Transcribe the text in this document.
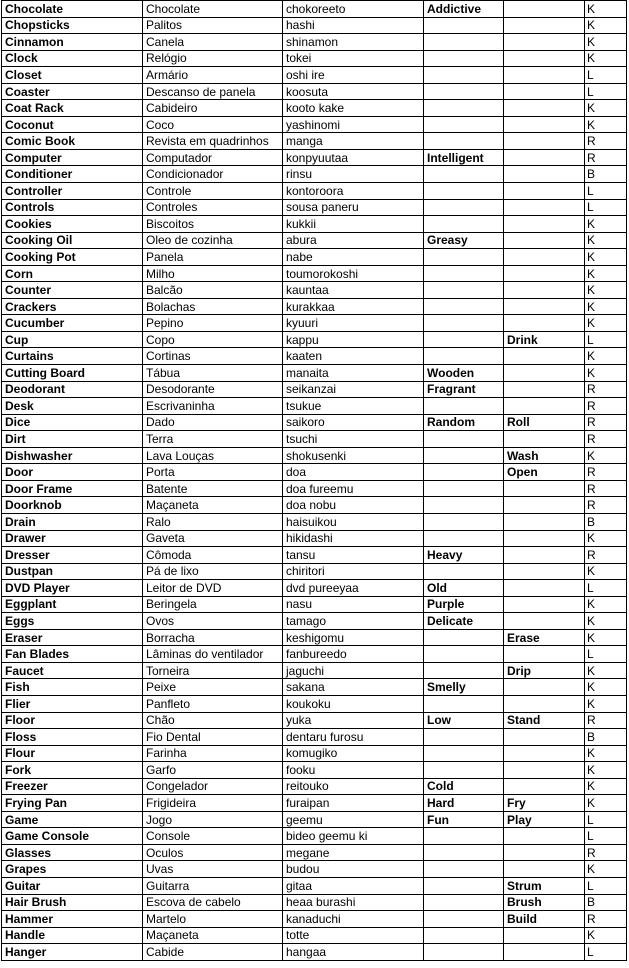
Chocolate	Chocolate	chokoreeto	Addictive		K
Chopsticks	Palitos	hashi			K
Cinnamon	Canela	shinamon			K
Clock	Relógio	tokei			K
Closet	Armário	oshi ire			L
Coaster	Descanso de panela	koosuta			L
Coat Rack	Cabideiro	kooto kake			K
Coconut	Coco	yashinomi			K
Comic Book	Revista em quadrinhos	manga			R
Computer	Computador	konpyuutaa	Intelligent		R
Conditioner	Condicionador	rinsu			B
Controller	Controle	kontoroora			L
Controls	Controles	sousa paneru			L
Cookies	Biscoitos	kukkii			K
Cooking Oil	Oleo de cozinha	abura	Greasy		K
Cooking Pot	Panela	nabe			K
Corn	Milho	toumorokoshi			K
Counter	Balcão	kauntaa			K
Crackers	Bolachas	kurakkaa			K
Cucumber	Pepino	kyuuri			K
Cup	Copo	kappu		Drink	L
Curtains	Cortinas	kaaten			K
Cutting Board	Tábua	manaita	Wooden		K
Deodorant	Desodorante	seikanzai	Fragrant		R
Desk	Escrivaninha	tsukue			R
Dice	Dado	saikoro	Random	Roll	R
Dirt	Terra	tsuchi			R
Dishwasher	Lava Louças	shokusenki		Wash	K
Door	Porta	doa		Open	R
Door Frame	Batente	doa fureemu			R
Doorknob	Maçaneta	doa nobu			R
Drain	Ralo	haisuikou			B
Drawer	Gaveta	hikidashi			K
Dresser	Cômoda	tansu	Heavy		R
Dustpan	Pá de lixo	chiritori			K
DVD Player	Leitor de DVD	dvd pureeyaa	Old		L
Eggplant	Beringela	nasu	Purple		K
Eggs	Ovos	tamago	Delicate		K
Eraser	Borracha	keshigomu		Erase	K
Fan Blades	Lâminas do ventilador	fanbureedo			L
Faucet	Torneira	jaguchi		Drip	K
Fish	Peixe	sakana	Smelly		K
Flier	Panfleto	koukoku			K
Floor	Chão	yuka	Low	Stand	R
Floss	Fio Dental	dentaru furosu			B
Flour	Farinha	komugiko			K
Fork	Garfo	fooku			K
Freezer	Congelador	reitouko	Cold		K
Frying Pan	Frigideira	furaipan	Hard	Fry	K
Game	Jogo	geemu	Fun	Play	L
Game Console	Console	bideo geemu ki			L
Glasses	Oculos	megane			R
Grapes	Uvas	budou			K
Guitar	Guitarra	gitaa		Strum	L
Hair Brush	Escova de cabelo	heaa burashi		Brush	B
Hammer	Martelo	kanaduchi		Build	R
Handle	Maçaneta	totte			K
Hanger	Cabide	hangaa			L
